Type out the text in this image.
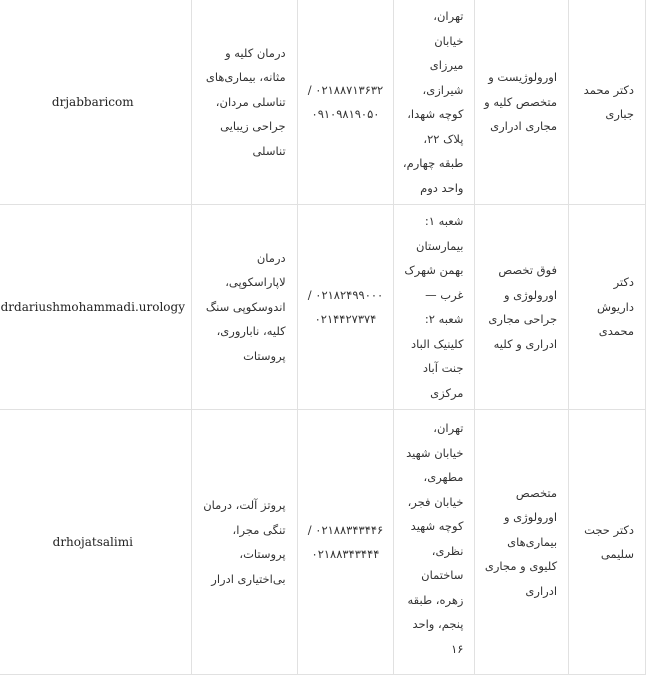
دکتر محمد جباری	اورولوژیست و متخصص کلیه و مجاری ادراری	تهران، خیابان میرزای شیرازی، کوچه شهدا، پلاک ۲۲، طبقه چهارم، واحد دوم	۰۲۱۸۸۷۱۳۶۳۲ / ۰۹۱۰۹۸۱۹۰۵۰	درمان کلیه و مثانه، بیماری‌های تناسلی مردان، جراحی زیبایی تناسلی	drjabbaricom
دکتر داریوش محمدی	فوق تخصص اورولوژی و جراحی مجاری ادراری و کلیه	شعبه ۱: بیمارستان بهمن شهرک غرب — شعبه ۲: کلینیک الباد جنت آباد مرکزی	۰۲۱۸۲۴۹۹۰۰۰ / ۰۲۱۴۴۲۷۳۷۴	درمان لاپاراسکوپی، اندوسکوپی سنگ کلیه، ناباروری، پروستات	drdariushmohammadi.urology
دکتر حجت سلیمی	متخصص اورولوژی و بیماری‌های کلیوی و مجاری ادراری	تهران، خیابان شهید مطهری، خیابان فجر، کوچه شهید نظری، ساختمان زهره، طبقه پنجم، واحد ۱۶	۰۲۱۸۸۳۴۳۴۴۶ / ۰۲۱۸۸۳۴۳۴۴۴	پروتز آلت، درمان تنگی مجرا، پروستات، بی‌اختیاری ادرار	drhojatsalimi
